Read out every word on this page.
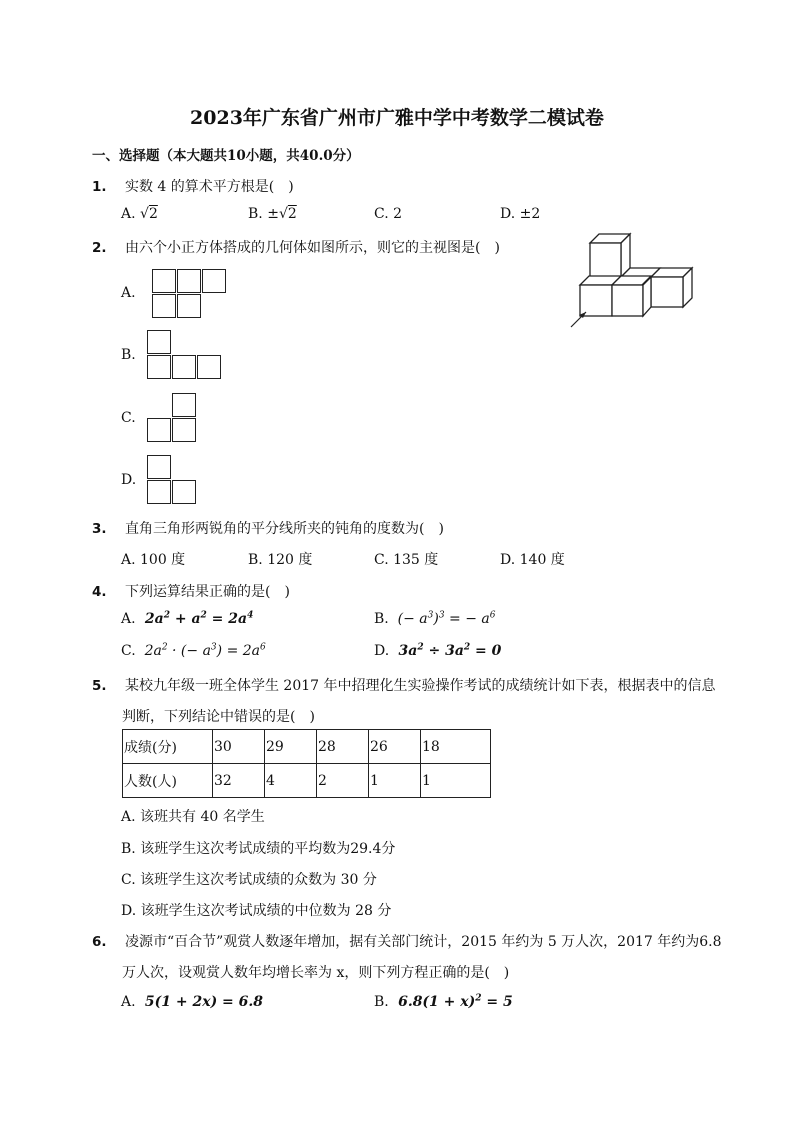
2023年广东省广州市广雅中学中考数学二模试卷
一、选择题（本大题共10小题，共40.0分）
1. 实数 4 的算术平方根是(　)
A. √2	B. ±√2	C. 2	D. ±2
2. 由六个小正方体搭成的几何体如图所示，则它的主视图是(　)
A.
B.
C.
D.
3. 直角三角形两锐角的平分线所夹的钝角的度数为(　)
A. 100 度	B. 120 度	C. 135 度	D. 140 度
4. 下列运算结果正确的是(　)
A.  $2a^2 + a^2 = 2a^4$	B.  (− $a^3)^3$ = − $a^6$
C.  $2a^2$ · (− $a^3) = 2a^6$	D.  $3a^2 \div 3a^2 = 0$
5. 某校九年级一班全体学生 2017 年中招理化生实验操作考试的成绩统计如下表，根据表中的信息
判断，下列结论中错误的是(　)
成绩(分)	30	29	28	26	18
人数(人)	32	4	2	1	1
A. 该班共有 40 名学生
B. 该班学生这次考试成绩的平均数为29.4分
C. 该班学生这次考试成绩的众数为 30 分
D. 该班学生这次考试成绩的中位数为 28 分
6. 凌源市“百合节”观赏人数逐年增加，据有关部门统计，2015 年约为 5 万人次，2017 年约为6.8
万人次，设观赏人数年均增长率为 x，则下列方程正确的是(　)
A.  5(1 + 2x) = 6.8	B.  $6.8(1 + x)^2 = 5$
